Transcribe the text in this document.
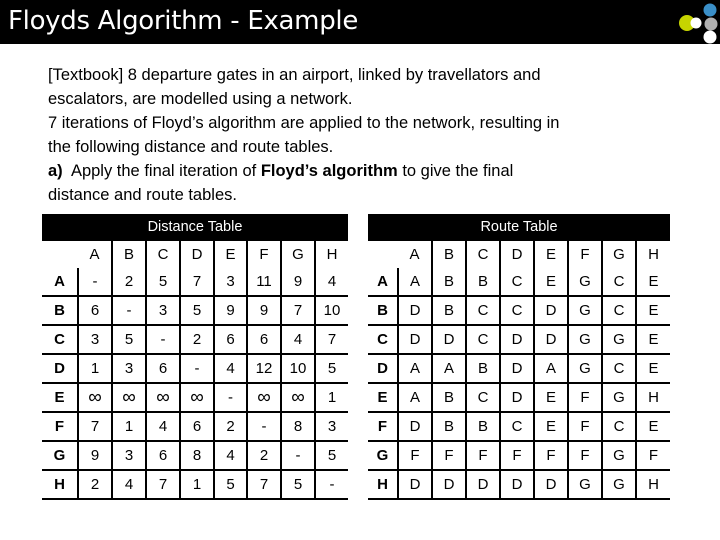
Floyds Algorithm - Example
[Textbook] 8 departure gates in an airport, linked by travellators and
escalators, are modelled using a network.
7 iterations of Floyd’s algorithm are applied to the network, resulting in
the following distance and route tables.
a) Apply the final iteration of Floyd’s algorithm to give the final
distance and route tables.
Distance Table
	A	B	C	D	E	F	G	H
A	-	2	5	7	3	11	9	4
B	6	-	3	5	9	9	7	10
C	3	5	-	2	6	6	4	7
D	1	3	6	-	4	12	10	5
E	∞	∞	∞	∞	-	∞	∞	1
F	7	1	4	6	2	-	8	3
G	9	3	6	8	4	2	-	5
H	2	4	7	1	5	7	5	-
Route Table
	A	B	C	D	E	F	G	H
A	A	B	B	C	E	G	C	E
B	D	B	C	C	D	G	C	E
C	D	D	C	D	D	G	G	E
D	A	A	B	D	A	G	C	E
E	A	B	C	D	E	F	G	H
F	D	B	B	C	E	F	C	E
G	F	F	F	F	F	F	G	F
H	D	D	D	D	D	G	G	H
